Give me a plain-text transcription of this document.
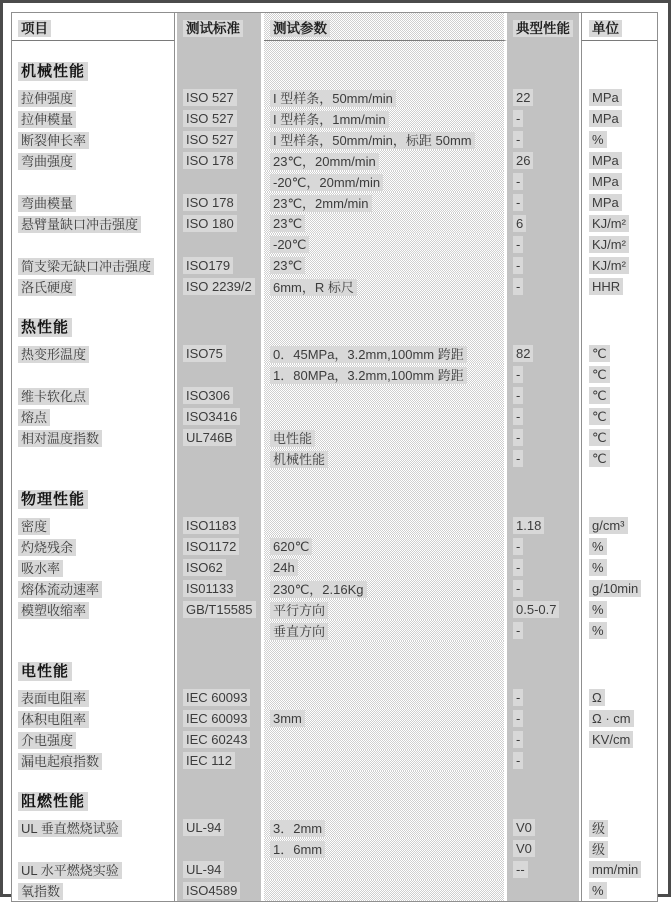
项目	测试标准	测试参数	典型性能	单位
机械性能				
拉伸强度	ISO 527	I 型样条，50mm/min	22	MPa
拉伸模量	ISO 527	I 型样条，1mm/min	-	MPa
断裂伸长率	ISO 527	I 型样条，50mm/min，标距 50mm	-	%
弯曲强度	ISO 178	23℃，20mm/min	26	MPa
		-20℃，20mm/min	-	MPa
弯曲模量	ISO 178	23℃，2mm/min	-	MPa
悬臂量缺口冲击强度	ISO 180	23℃	6	KJ/m²
		-20℃	-	KJ/m²
简支梁无缺口冲击强度	ISO179	23℃	-	KJ/m²
洛氏硬度	ISO 2239/2	6mm，R 标尺	-	HHR
热性能				
热变形温度	ISO75	0．45MPa，3.2mm,100mm 跨距	82	℃
		1．80MPa，3.2mm,100mm 跨距	-	℃
维卡软化点	ISO306		-	℃
熔点	ISO3416		-	℃
相对温度指数	UL746B	电性能	-	℃
		机械性能	-	℃
物理性能				
密度	ISO1183		1.18	g/cm³
灼烧残余	ISO1172	620℃	-	%
吸水率	ISO62	24h	-	%
熔体流动速率	IS01133	230℃，2.16Kg	-	g/10min
模塑收缩率	GB/T15585	平行方向	0.5-0.7	%
		垂直方向	-	%
电性能				
表面电阻率	IEC 60093		-	Ω
体积电阻率	IEC 60093	3mm	-	Ω · cm
介电强度	IEC 60243		-	KV/cm
漏电起痕指数	IEC 112		-	
阻燃性能				
UL 垂直燃烧试验	UL-94	3．2mm	V0	级
		1．6mm	V0	级
UL 水平燃烧实验	UL-94		--	mm/min
氧指数	ISO4589			%
